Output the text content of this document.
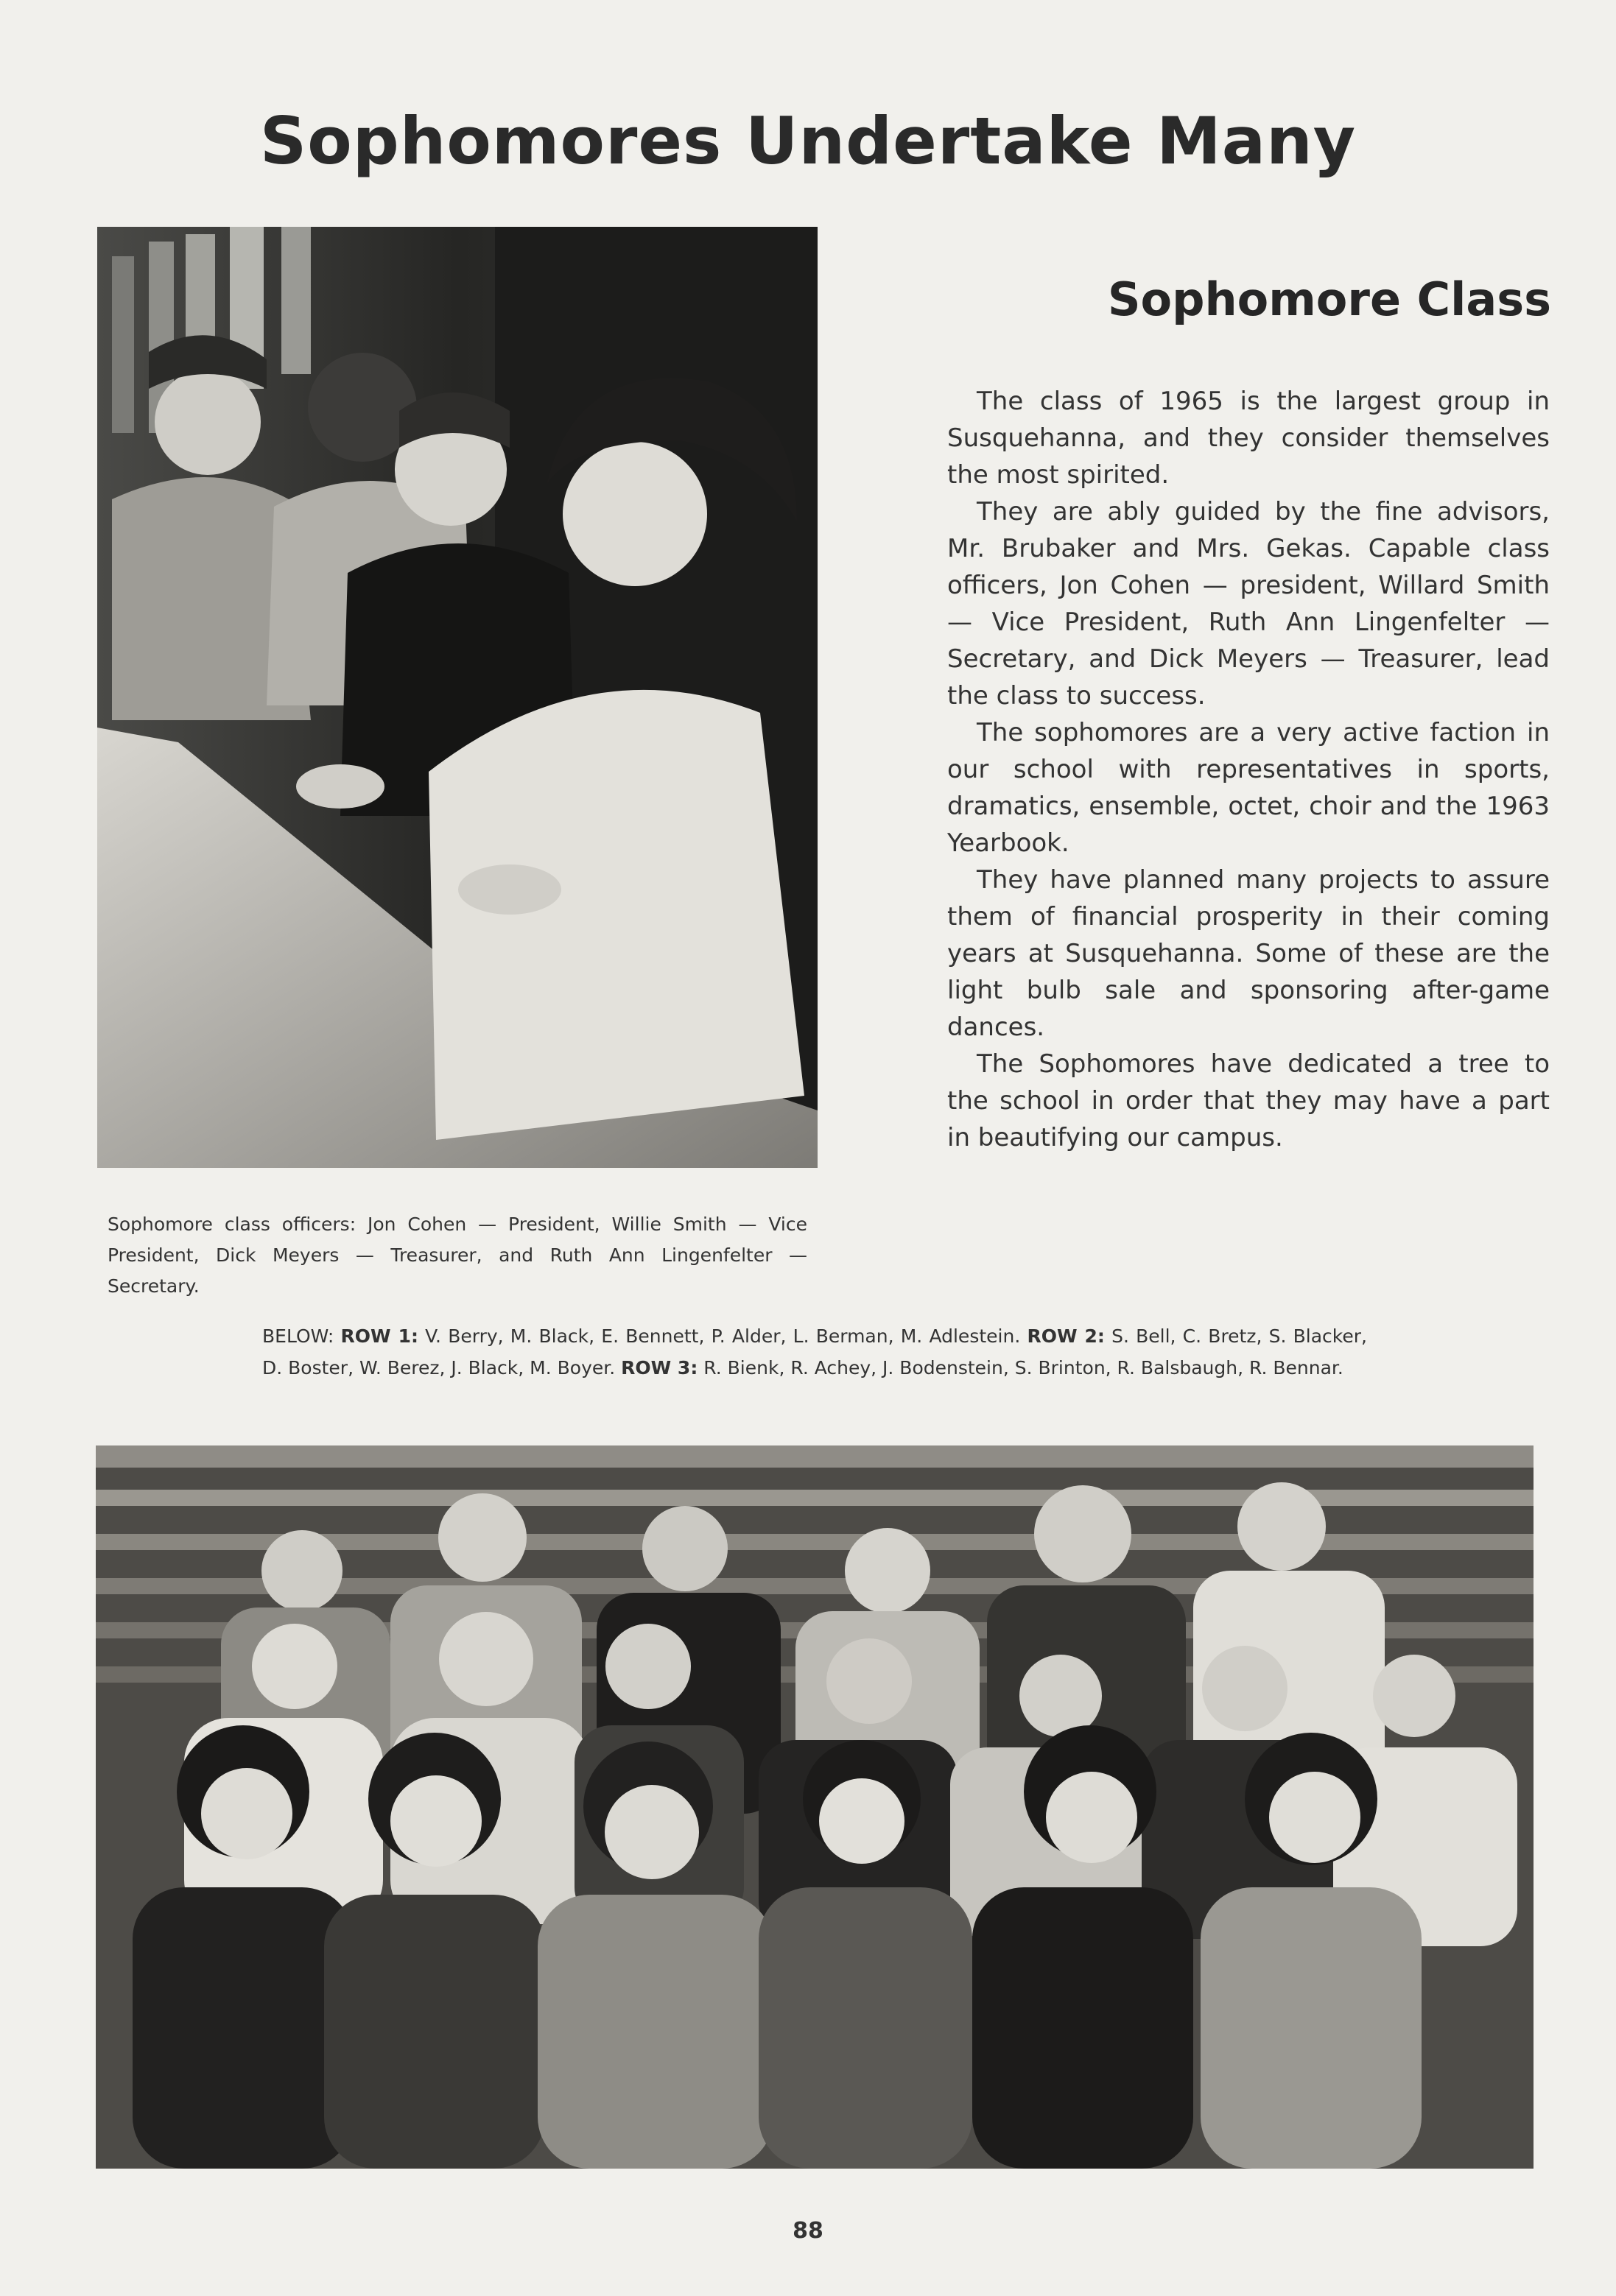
Sophomores Undertake Many
Sophomore Class

The class of 1965 is the largest group in Susquehanna, and they consider themselves the most spirited.

They are ably guided by the fine advisors, Mr. Brubaker and Mrs. Gekas. Capable class officers, Jon Cohen — president, Willard Smith — Vice President, Ruth Ann Lingenfelter — Secretary, and Dick Meyers — Treasurer, lead the class to success.

The sophomores are a very active faction in our school with representatives in sports, dramatics, ensemble, octet, choir and the 1963 Yearbook.

They have planned many projects to assure them of financial prosperity in their coming years at Susquehanna. Some of these are the light bulb sale and sponsoring after-game dances.

The Sophomores have dedicated a tree to the school in order that they may have a part in beautifying our campus.

Sophomore class officers: Jon Cohen — President, Willie Smith — Vice President, Dick Meyers — Treasurer, and Ruth Ann Lingenfelter — Secretary.

BELOW: ROW 1: V. Berry, M. Black, E. Bennett, P. Alder, L. Berman, M. Adlestein. ROW 2: S. Bell, C. Bretz, S. Blacker, D. Boster, W. Berez, J. Black, M. Boyer. ROW 3: R. Bienk, R. Achey, J. Bodenstein, S. Brinton, R. Balsbaugh, R. Bennar.

88
